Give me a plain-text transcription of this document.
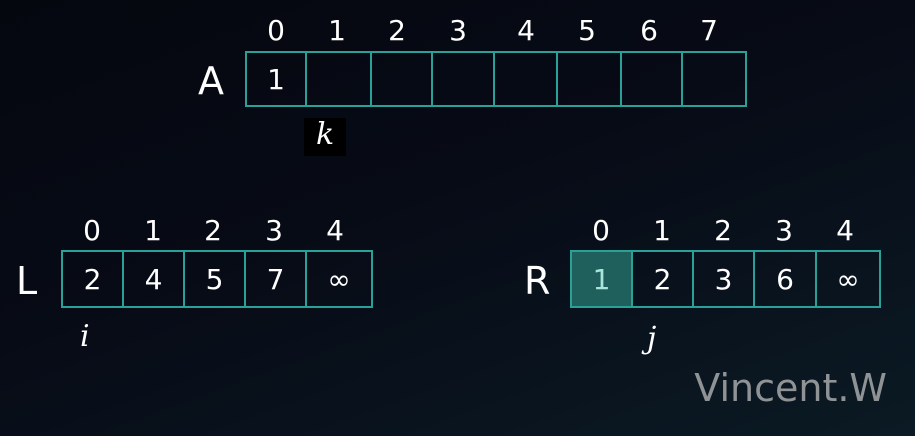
A
0	1	2	3	4	5	6	7
1
k
L
0	1	2	3	4
2	4	5	7	∞
i
R
0	1	2	3	4
1	2	3	6	∞
j
Vincent.W
